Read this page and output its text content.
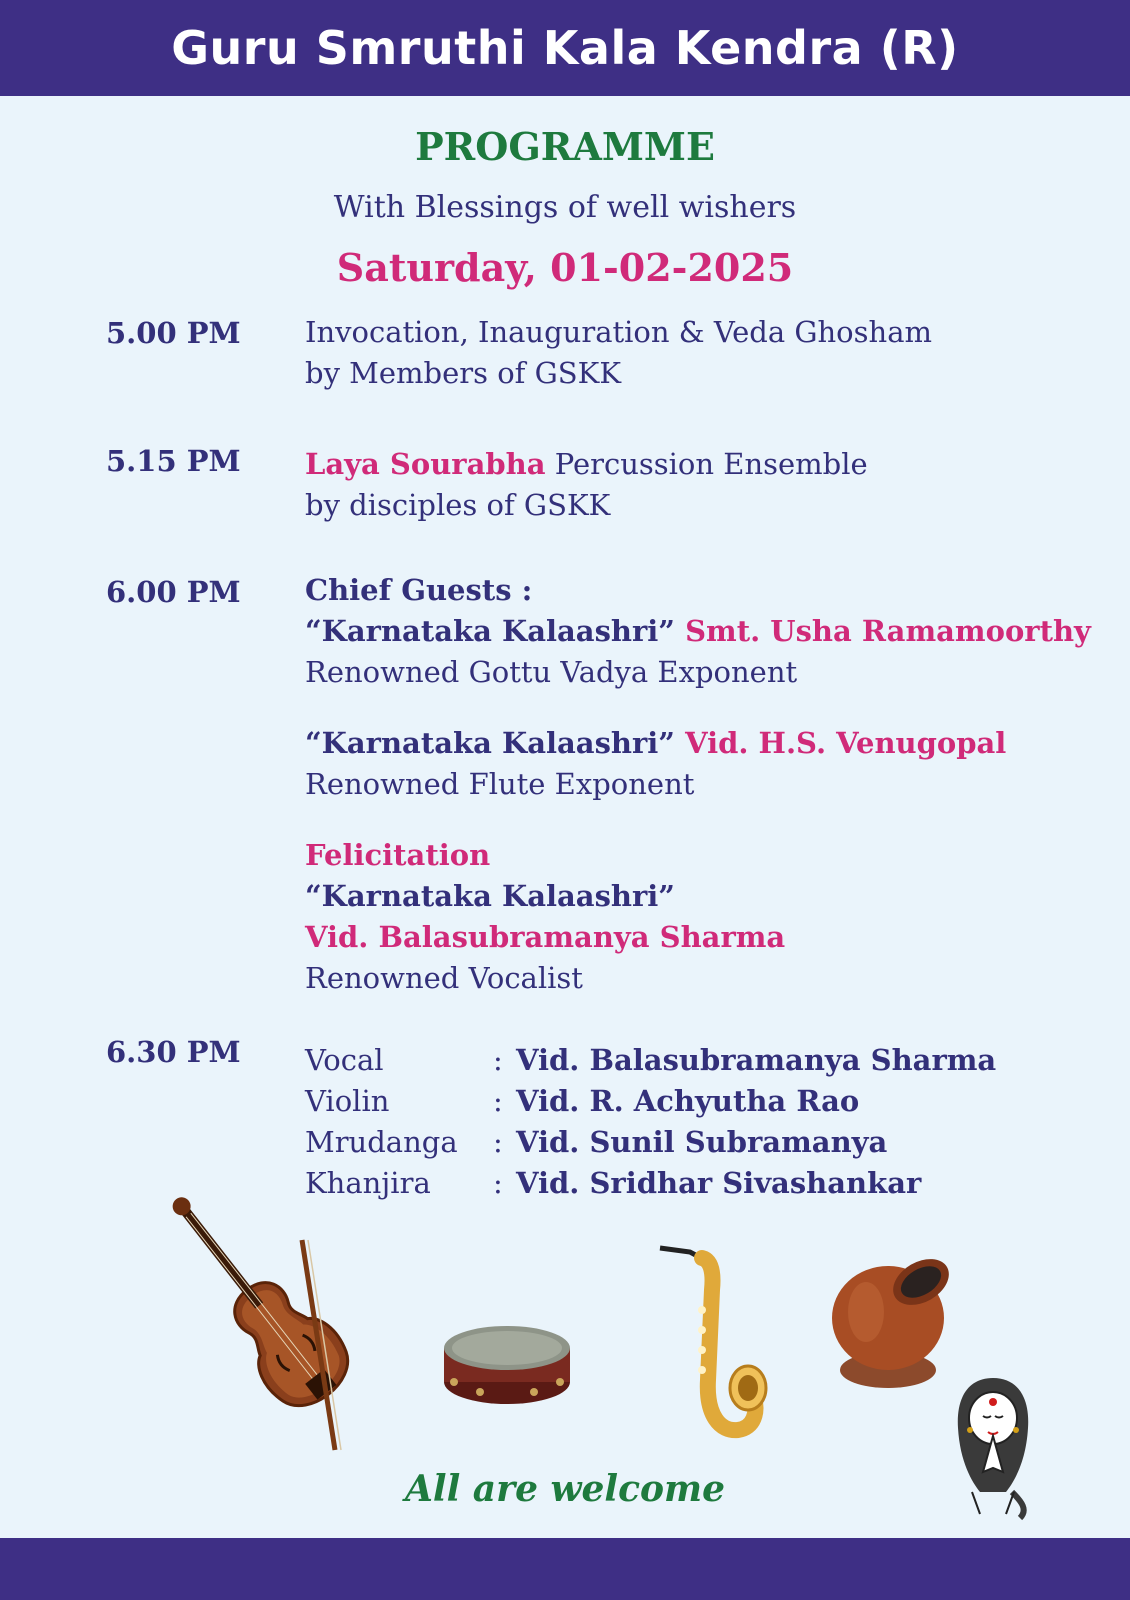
Guru Smruthi Kala Kendra (R)
PROGRAMME
With Blessings of well wishers
Saturday, 01-02-2025
5.00 PM Invocation, Inauguration & Veda Ghosham
by Members of GSKK
5.15 PM Laya Sourabha Percussion Ensemble
by disciples of GSKK
6.00 PM Chief Guests :
“Karnataka Kalaashri” Smt. Usha Ramamoorthy
Renowned Gottu Vadya Exponent
“Karnataka Kalaashri” Vid. H.S. Venugopal
Renowned Flute Exponent
Felicitation
“Karnataka Kalaashri”
Vid. Balasubramanya Sharma
Renowned Vocalist
6.30 PM Vocal	: Vid. Balasubramanya Sharma
Violin	: Vid. R. Achyutha Rao
Mrudanga	: Vid. Sunil Subramanya
Khanjira	: Vid. Sridhar Sivashankar
All are welcome
